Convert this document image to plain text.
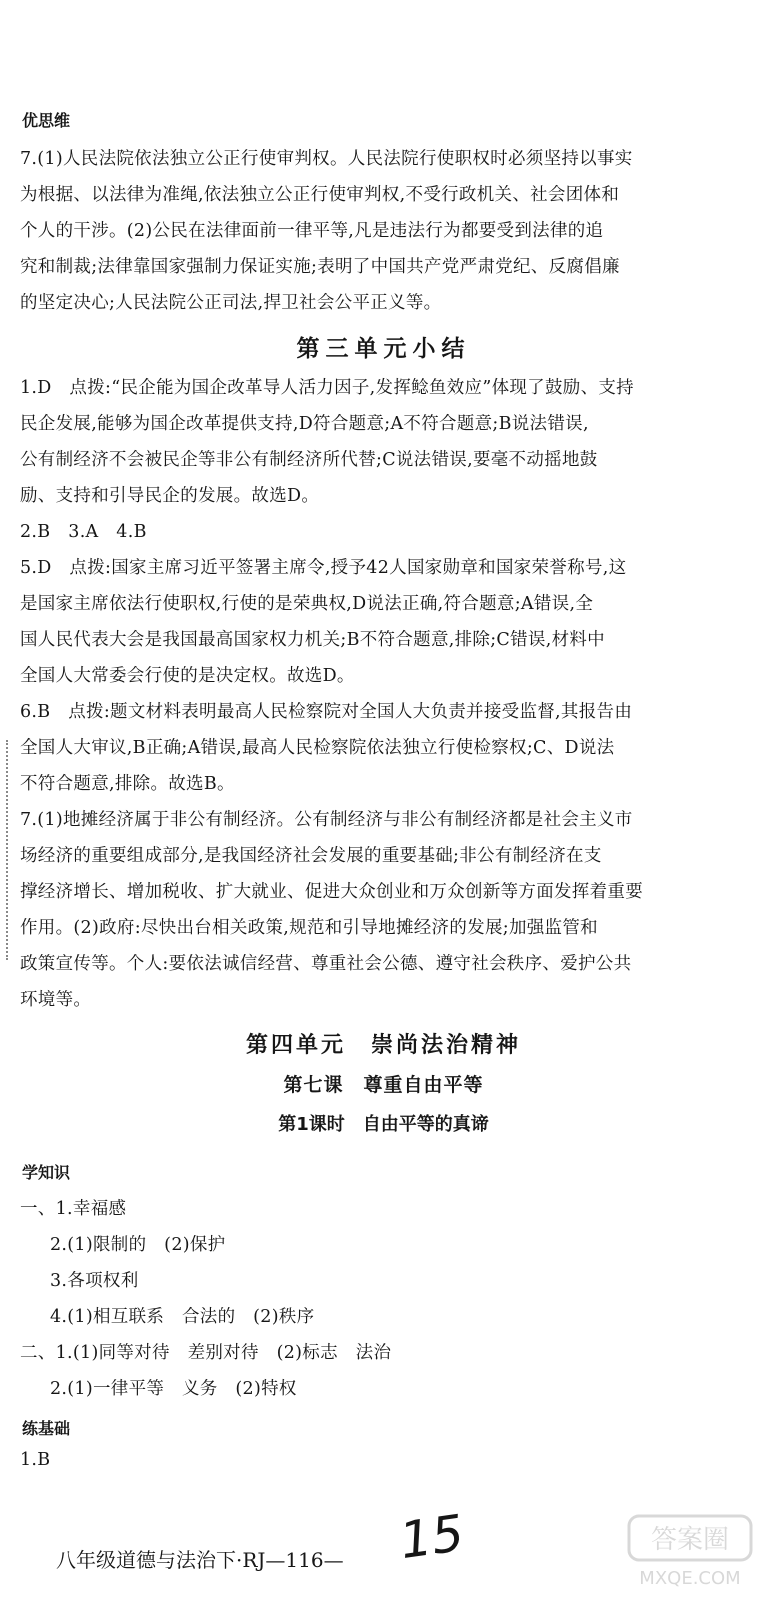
优思维
7.(1)人民法院依法独立公正行使审判权。人民法院行使职权时必须坚持以事实
为根据、以法律为准绳,依法独立公正行使审判权,不受行政机关、社会团体和
个人的干涉。(2)公民在法律面前一律平等,凡是违法行为都要受到法律的追
究和制裁;法律靠国家强制力保证实施;表明了中国共产党严肃党纪、反腐倡廉
的坚定决心;人民法院公正司法,捍卫社会公平正义等。
第三单元小结
1.D　点拨:“民企能为国企改革导人活力因子,发挥鲶鱼效应”体现了鼓励、支持
民企发展,能够为国企改革提供支持,D符合题意;A不符合题意;B说法错误,
公有制经济不会被民企等非公有制经济所代替;C说法错误,要毫不动摇地鼓
励、支持和引导民企的发展。故选D。
2.B　3.A　4.B
5.D　点拨:国家主席习近平签署主席令,授予42人国家勋章和国家荣誉称号,这
是国家主席依法行使职权,行使的是荣典权,D说法正确,符合题意;A错误,全
国人民代表大会是我国最高国家权力机关;B不符合题意,排除;C错误,材料中
全国人大常委会行使的是决定权。故选D。
6.B　点拨:题文材料表明最高人民检察院对全国人大负责并接受监督,其报告由
全国人大审议,B正确;A错误,最高人民检察院依法独立行使检察权;C、D说法
不符合题意,排除。故选B。
7.(1)地摊经济属于非公有制经济。公有制经济与非公有制经济都是社会主义市
场经济的重要组成部分,是我国经济社会发展的重要基础;非公有制经济在支
撑经济增长、增加税收、扩大就业、促进大众创业和万众创新等方面发挥着重要
作用。(2)政府:尽快出台相关政策,规范和引导地摊经济的发展;加强监管和
政策宣传等。个人:要依法诚信经营、尊重社会公德、遵守社会秩序、爱护公共
环境等。
第四单元　崇尚法治精神
第七课　尊重自由平等
第1课时　自由平等的真谛
学知识
一、1.幸福感
2.(1)限制的　(2)保护
3.各项权利
4.(1)相互联系　合法的　(2)秩序
二、1.(1)同等对待　差别对待　(2)标志　法治
2.(1)一律平等　义务　(2)特权
练基础
1.B
八年级道德与法治下·RJ—116— 15	答案圈
MXQE.COM
